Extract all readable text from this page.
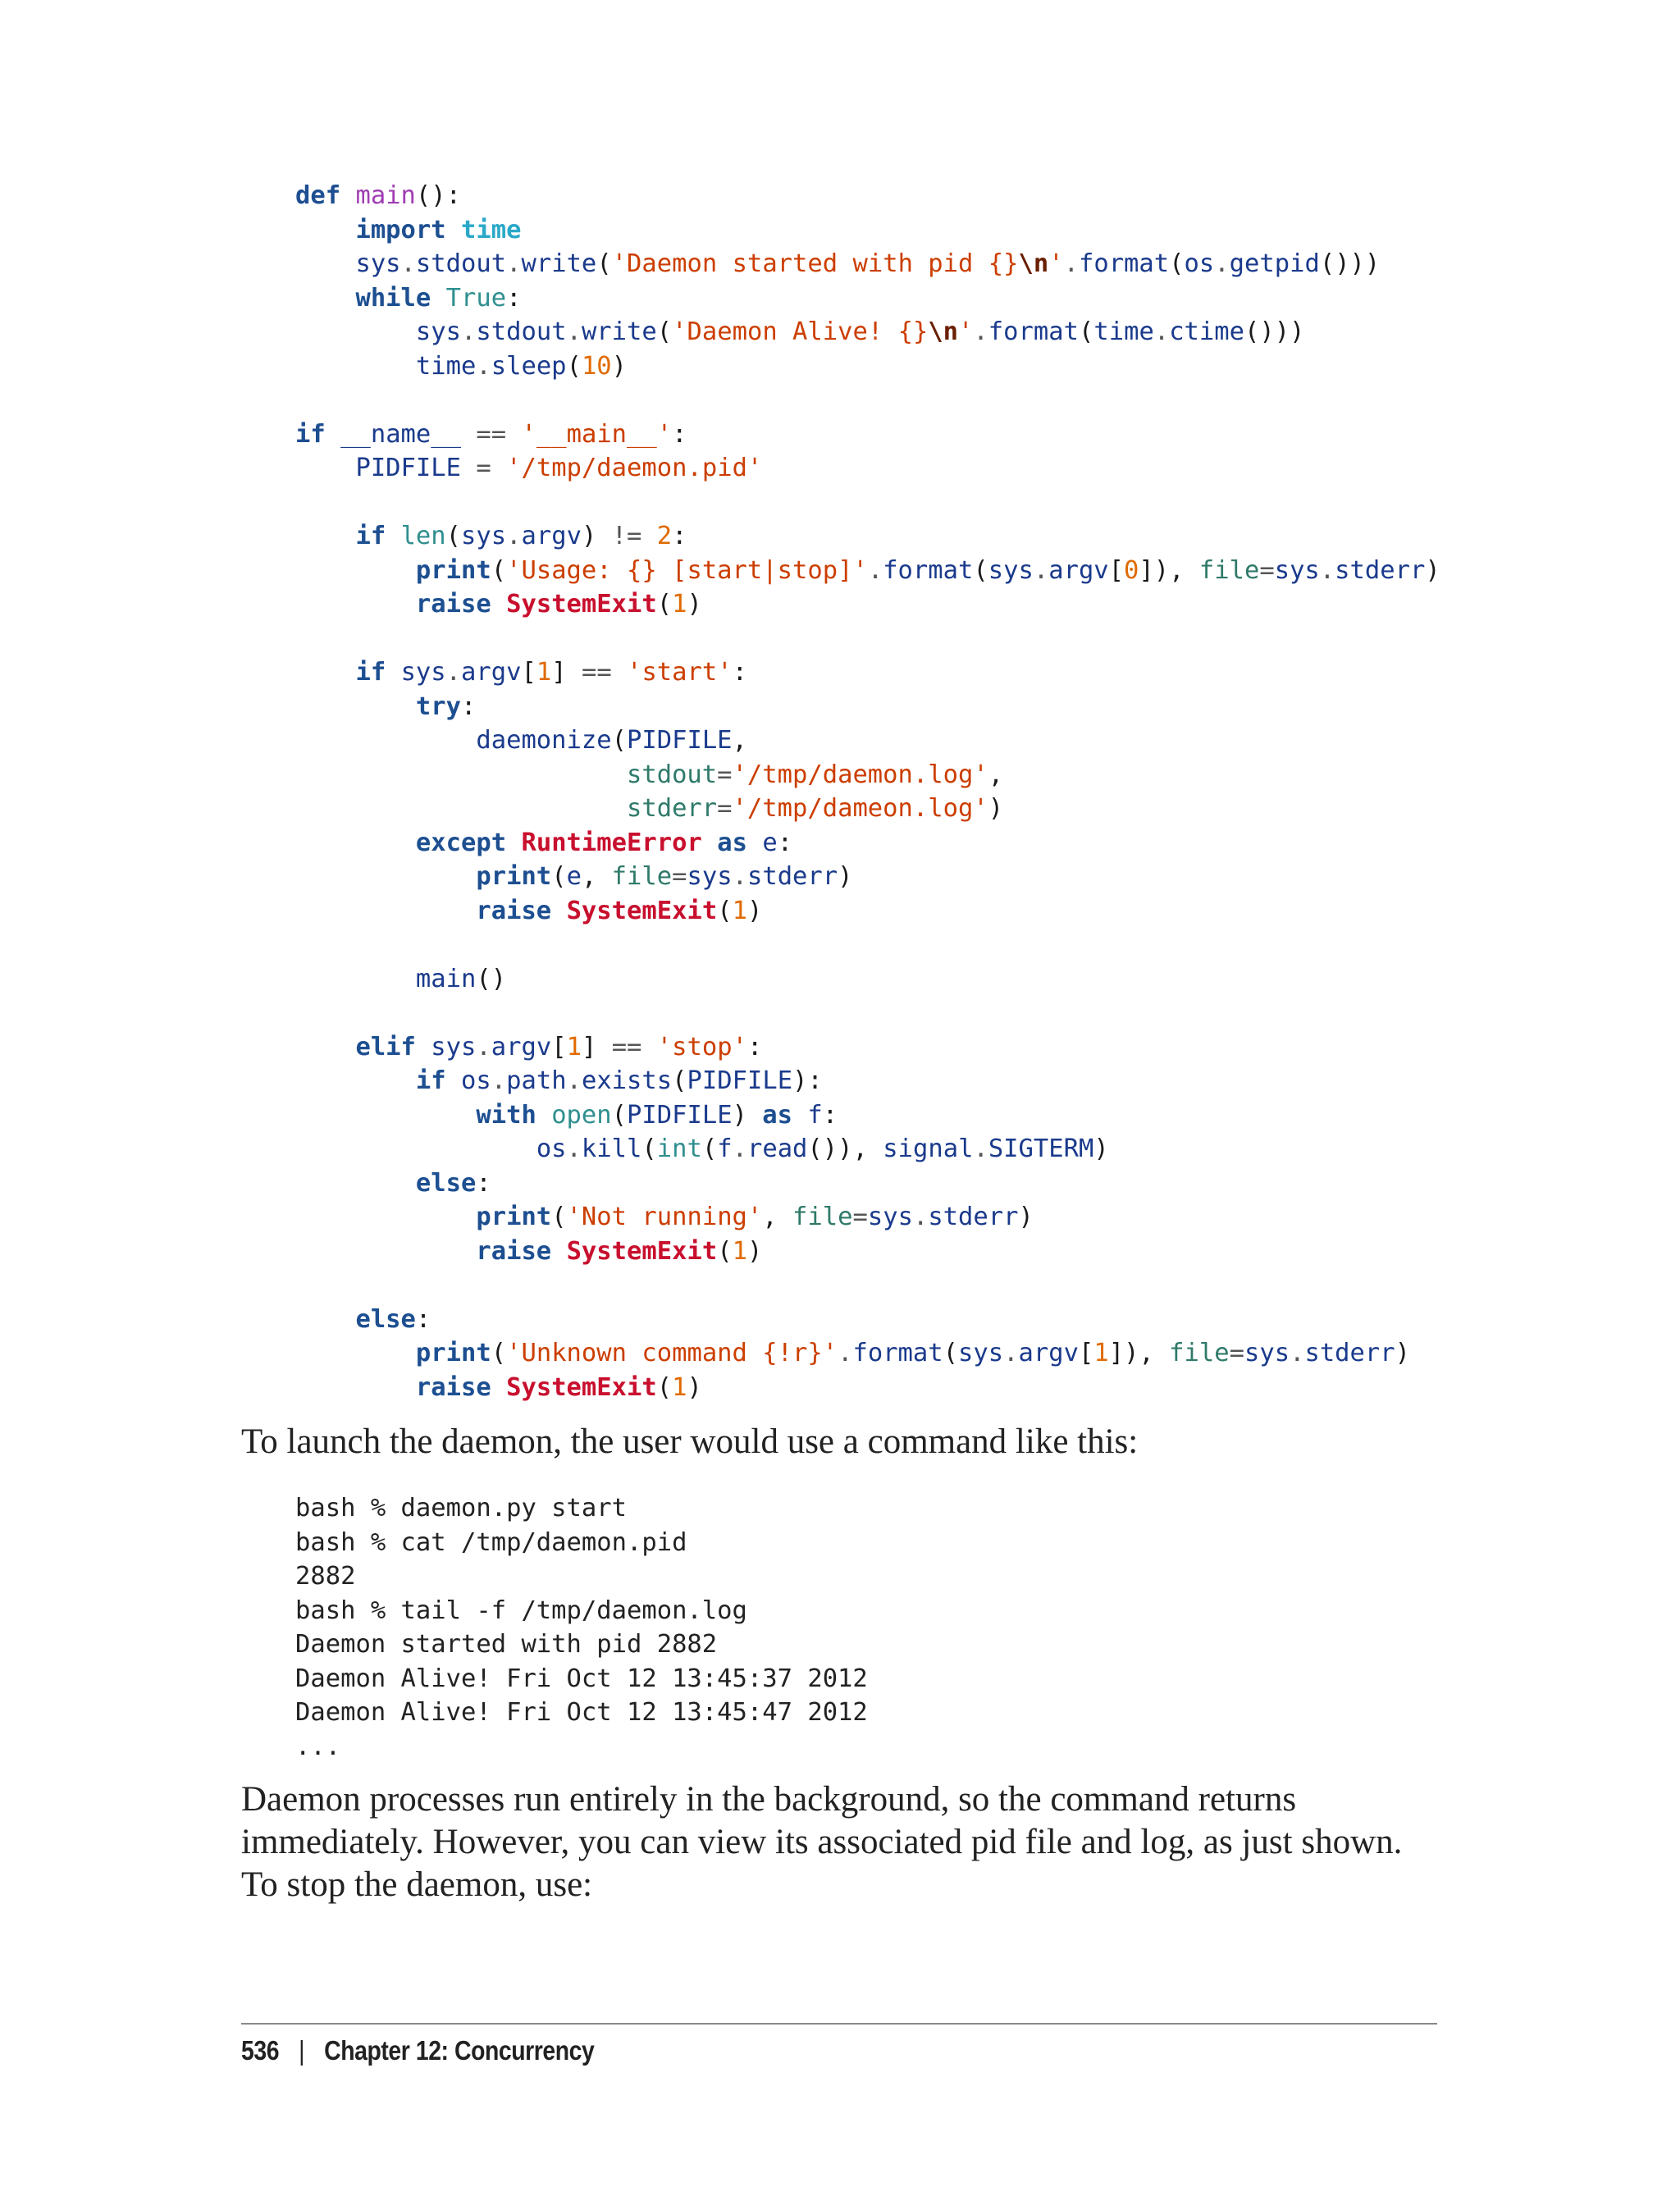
def main():
import time
sys.stdout.write('Daemon started with pid {}\n'.format(os.getpid()))
while True:
sys.stdout.write('Daemon Alive! {}\n'.format(time.ctime()))
time.sleep(10)
if __name__ == '__main__':
PIDFILE = '/tmp/daemon.pid'
if len(sys.argv) != 2:
print('Usage: {} [start|stop]'.format(sys.argv[0]), file=sys.stderr)
raise SystemExit(1)
if sys.argv[1] == 'start':
try:
daemonize(PIDFILE,
stdout='/tmp/daemon.log',
stderr='/tmp/dameon.log')
except RuntimeError as e:
print(e, file=sys.stderr)
raise SystemExit(1)
main()
elif sys.argv[1] == 'stop':
if os.path.exists(PIDFILE):
with open(PIDFILE) as f:
os.kill(int(f.read()), signal.SIGTERM)
else:
print('Not running', file=sys.stderr)
raise SystemExit(1)
else:
print('Unknown command {!r}'.format(sys.argv[1]), file=sys.stderr)
raise SystemExit(1)

To launch the daemon, the user would use a command like this:

bash % daemon.py start
bash % cat /tmp/daemon.pid
2882
bash % tail -f /tmp/daemon.log
Daemon started with pid 2882
Daemon Alive! Fri Oct 12 13:45:37 2012
Daemon Alive! Fri Oct 12 13:45:47 2012
...

Daemon processes run entirely in the background, so the command returns immediately. However, you can view its associated pid file and log, as just shown. To stop the daemon, use:

536 | Chapter 12: Concurrency
